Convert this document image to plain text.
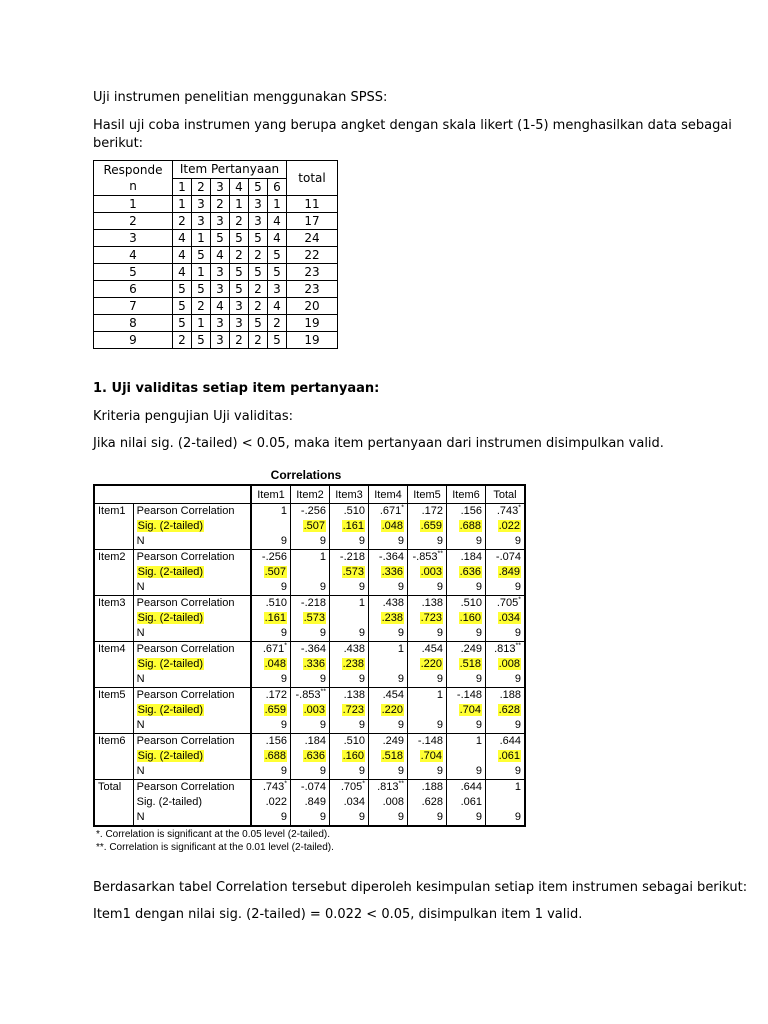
Uji instrumen penelitian menggunakan SPSS:
Hasil uji coba instrumen yang berupa angket dengan skala likert (1-5) menghasilkan data sebagai
berikut:
Responde
n	Item Pertanyaan						total
	1	2	3	4	5	6	
1	1	3	2	1	3	1	11
2	2	3	3	2	3	4	17
3	4	1	5	5	5	4	24
4	4	5	4	2	2	5	22
5	4	1	3	5	5	5	23
6	5	5	3	5	2	3	23
7	5	2	4	3	2	4	20
8	5	1	3	3	5	2	19
9	2	5	3	2	2	5	19
1. Uji validitas setiap item pertanyaan:
Kriteria pengujian Uji validitas:
Jika nilai sig. (2-tailed) < 0.05, maka item pertanyaan dari instrumen disimpulkan valid.
Correlations
		Item1	Item2	Item3	Item4	Item5	Item6	Total
Item1	Pearson Correlation	1	-.256	.510	.671*	.172	.156	.743*
	Sig. (2-tailed)		.507	.161	.048	.659	.688	.022
	N	9	9	9	9	9	9	9
Item2	Pearson Correlation	-.256	1	-.218	-.364	-.853**	.184	-.074
	Sig. (2-tailed)	.507		.573	.336	.003	.636	.849
	N	9	9	9	9	9	9	9
Item3	Pearson Correlation	.510	-.218	1	.438	.138	.510	.705*
	Sig. (2-tailed)	.161	.573		.238	.723	.160	.034
	N	9	9	9	9	9	9	9
Item4	Pearson Correlation	.671*	-.364	.438	1	.454	.249	.813**
	Sig. (2-tailed)	.048	.336	.238		.220	.518	.008
	N	9	9	9	9	9	9	9
Item5	Pearson Correlation	.172	-.853**	.138	.454	1	-.148	.188
	Sig. (2-tailed)	.659	.003	.723	.220		.704	.628
	N	9	9	9	9	9	9	9
Item6	Pearson Correlation	.156	.184	.510	.249	-.148	1	.644
	Sig. (2-tailed)	.688	.636	.160	.518	.704		.061
	N	9	9	9	9	9	9	9
Total	Pearson Correlation	.743*	-.074	.705*	.813**	.188	.644	1
	Sig. (2-tailed)	.022	.849	.034	.008	.628	.061	
	N	9	9	9	9	9	9	9
*. Correlation is significant at the 0.05 level (2-tailed).
**. Correlation is significant at the 0.01 level (2-tailed).
Berdasarkan tabel Correlation tersebut diperoleh kesimpulan setiap item instrumen sebagai berikut:
Item1 dengan nilai sig. (2-tailed) = 0.022 < 0.05, disimpulkan item 1 valid.
